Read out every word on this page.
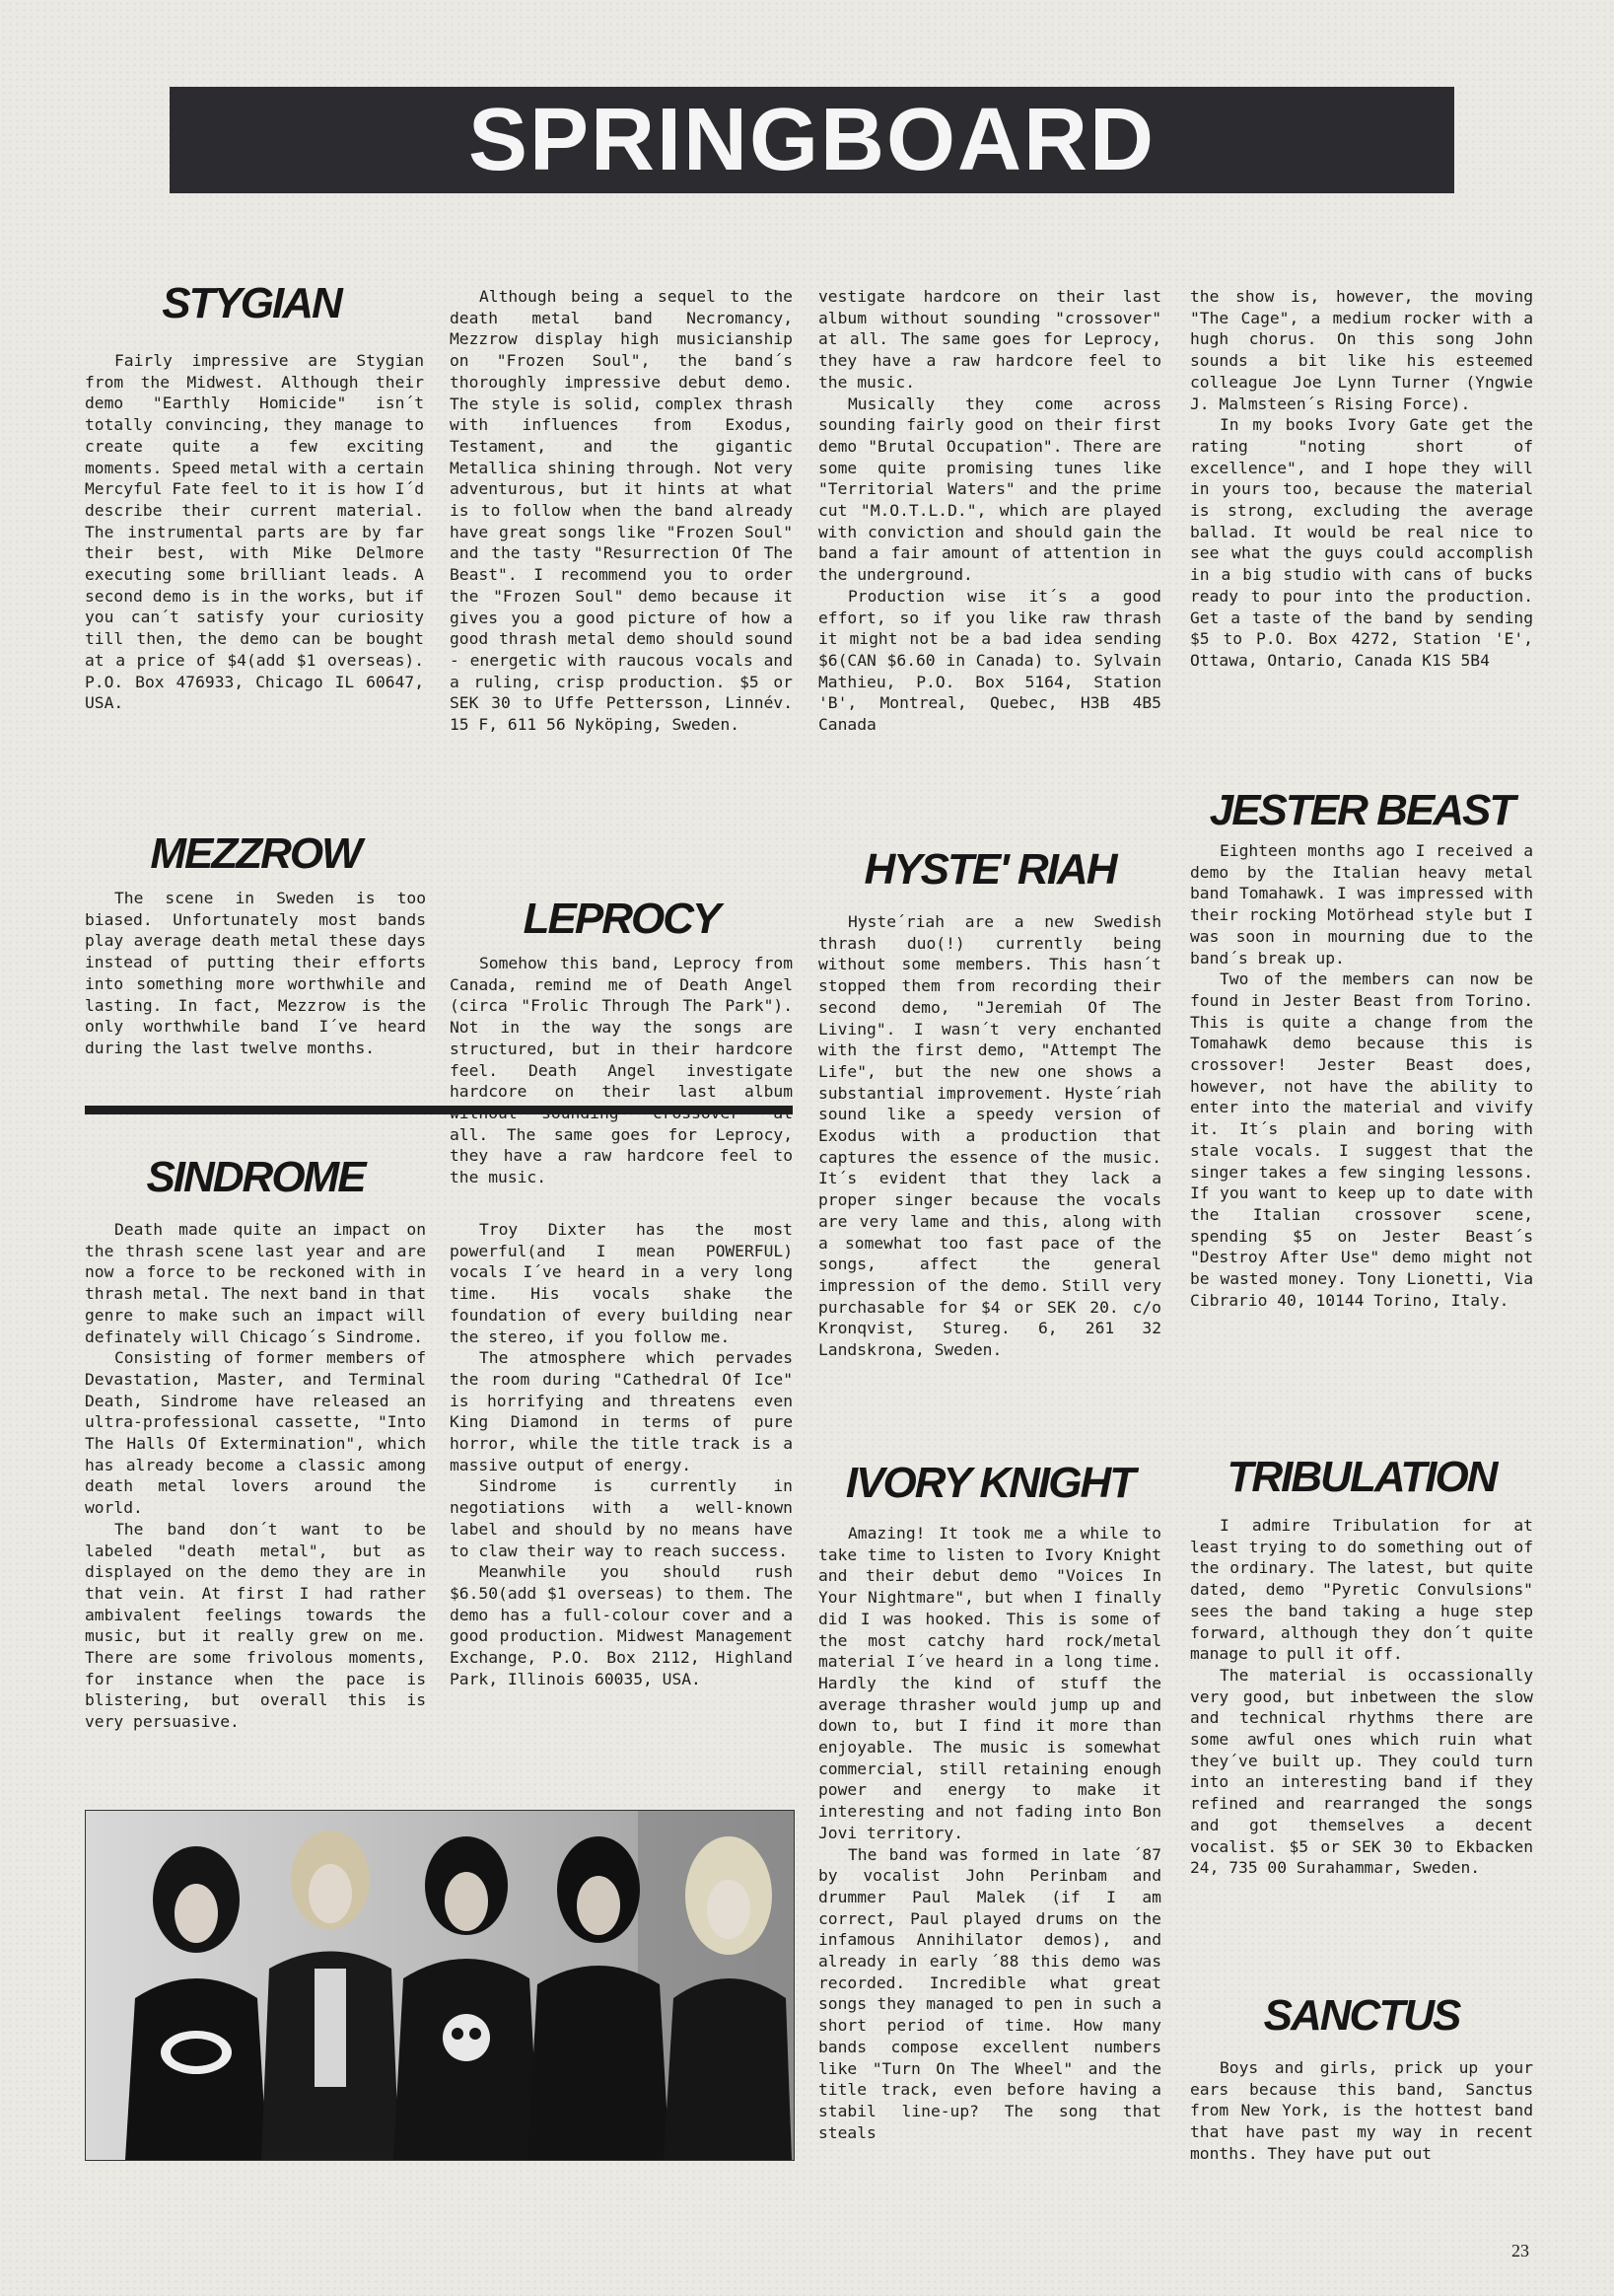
SPRINGBOARD
STYGIAN

Fairly impressive are Stygian from the Midwest. Although their demo "Earthly Homicide" isn´t totally convincing, they manage to create quite a few exciting moments. Speed metal with a certain Mercyful Fate feel to it is how I´d describe their current material. The instrumental parts are by far their best, with Mike Delmore executing some brilliant leads. A second demo is in the works, but if you can´t satisfy your curiosity till then, the demo can be bought at a price of $4(add $1 overseas). P.O. Box 476933, Chicago IL 60647, USA.

Although being a sequel to the death metal band Necromancy, Mezzrow display high musicianship on "Frozen Soul", the band´s thoroughly impressive debut demo. The style is solid, complex thrash with influences from Exodus, Testament, and the gigantic Metallica shining through. Not very adventurous, but it hints at what is to follow when the band already have great songs like "Frozen Soul" and the tasty "Resurrection Of The Beast". I recommend you to order the "Frozen Soul" demo because it gives you a good picture of how a good thrash metal demo should sound - energetic with raucous vocals and a ruling, crisp production. $5 or SEK 30 to Uffe Pettersson, Linnév. 15 F, 611 56 Nyköping, Sweden.

MEZZROW

The scene in Sweden is too biased. Unfortunately most bands play average death metal these days instead of putting their efforts into something more worthwhile and lasting. In fact, Mezzrow is the only worthwhile band I´ve heard during the last twelve months.

LEPROCY

Somehow this band, Leprocy from Canada, remind me of Death Angel (circa "Frolic Through The Park"). Not in the way the songs are structured, but in their hardcore feel. Death Angel investigate hardcore on their last album all. The same goes for Leprocy, they have a raw hardcore feel to the music.

vestigate hardcore on their last album without sounding "crossover" at all. The same goes for Leprocy, they have a raw hardcore feel to the music.

Musically they come across sounding fairly good on their first demo "Brutal Occupation". There are some quite promising tunes like "Territorial Waters" and the prime cut "M.O.T.L.D.", which are played with conviction and should gain the band a fair amount of attention in the underground.

Production wise it´s a good effort, so if you like raw thrash it might not be a bad idea sending $6(CAN $6.60 in Canada) to. Sylvain Mathieu, P.O. Box 5164, Station 'B', Montreal, Quebec, H3B 4B5 Canada

the show is, however, the moving "The Cage", a medium rocker with a hugh chorus. On this song John sounds a bit like his esteemed colleague Joe Lynn Turner (Yngwie J. Malmsteen´s Rising Force).

In my books Ivory Gate get the rating "noting short of excellence", and I hope they will in yours too, because the material is strong, excluding the average ballad. It would be real nice to see what the guys could accomplish in a big studio with cans of bucks ready to pour into the production. Get a taste of the band by sending $5 to P.O. Box 4272, Station 'E', Ottawa, Ontario, Canada K1S 5B4

HYSTE' RIAH

Hyste´riah are a new Swedish thrash duo(!) currently being without some members. This hasn´t stopped them from recording their second demo, "Jeremiah Of The Living". I wasn´t very enchanted with the first demo, "Attempt The Life", but the new one shows a substantial improvement. Hyste´riah sound like a speedy version of Exodus with a production that captures the essence of the music. It´s evident that they lack a proper singer because the vocals are very lame and this, along with a somewhat too fast pace of the songs, affect the general impression of the demo. Still very purchasable for $4 or SEK 20. c/o Kronqvist, Stureg. 6, 261 32 Landskrona, Sweden.

JESTER BEAST

Eighteen months ago I received a demo by the Italian heavy metal band Tomahawk. I was impressed with their rocking Motörhead style but I was soon in mourning due to the band´s break up.

Two of the members can now be found in Jester Beast from Torino. This is quite a change from the Tomahawk demo because this is crossover! Jester Beast does, however, not have the ability to enter into the material and vivify it. It´s plain and boring with stale vocals. I suggest that the singer takes a few singing lessons. If you want to keep up to date with the Italian crossover scene, spending $5 on Jester Beast´s "Destroy After Use" demo might not be wasted money. Tony Lionetti, Via Cibrario 40, 10144 Torino, Italy.

SINDROME

Death made quite an impact on the thrash scene last year and are now a force to be reckoned with in thrash metal. The next band in that genre to make such an impact will definately will Chicago´s Sindrome.

Consisting of former members of Devastation, Master, and Terminal Death, Sindrome have released an ultra-professional cassette, "Into The Halls Of Extermination", which has already become a classic among death metal lovers around the world.

The band don´t want to be labeled "death metal", but as displayed on the demo they are in that vein. At first I had rather ambivalent feelings towards the music, but it really grew on me. There are some frivolous moments, for instance when the pace is blistering, but overall this is very persuasive.

Troy Dixter has the most powerful(and I mean POWERFUL) vocals I´ve heard in a very long time. His vocals shake the foundation of every building near the stereo, if you follow me.

The atmosphere which pervades the room during "Cathedral Of Ice" is horrifying and threatens even King Diamond in terms of pure horror, while the title track is a massive output of energy.

Sindrome is currently in negotiations with a well-known label and should by no means have to claw their way to reach success.

Meanwhile you should rush $6.50(add $1 overseas) to them. The demo has a full-colour cover and a good production. Midwest Management Exchange, P.O. Box 2112, Highland Park, Illinois 60035, USA.

IVORY KNIGHT

Amazing! It took me a while to take time to listen to Ivory Knight and their debut demo "Voices In Your Nightmare", but when I finally did I was hooked. This is some of the most catchy hard rock/metal material I´ve heard in a long time. Hardly the kind of stuff the average thrasher would jump up and down to, but I find it more than enjoyable. The music is somewhat commercial, still retaining enough power and energy to make it interesting and not fading into Bon Jovi territory.

The band was formed in late ´87 by vocalist John Perinbam and drummer Paul Malek (if I am correct, Paul played drums on the infamous Annihilator demos), and already in early ´88 this demo was recorded. Incredible what great songs they managed to pen in such a short period of time. How many bands compose excellent numbers like "Turn On The Wheel" and the title track, even before having a stabil line-up? The song that steals

TRIBULATION

I admire Tribulation for at least trying to do something out of the ordinary. The latest, but quite dated, demo "Pyretic Convulsions" sees the band taking a huge step forward, although they don´t quite manage to pull it off.

The material is occassionally very good, but inbetween the slow and technical rhythms there are some awful ones which ruin what they´ve built up. They could turn into an interesting band if they refined and rearranged the songs and got themselves a decent vocalist. $5 or SEK 30 to Ekbacken 24, 735 00 Surahammar, Sweden.

SANCTUS

Boys and girls, prick up your ears because this band, Sanctus from New York, is the hottest band that have past my way in recent months. They have put out

23
